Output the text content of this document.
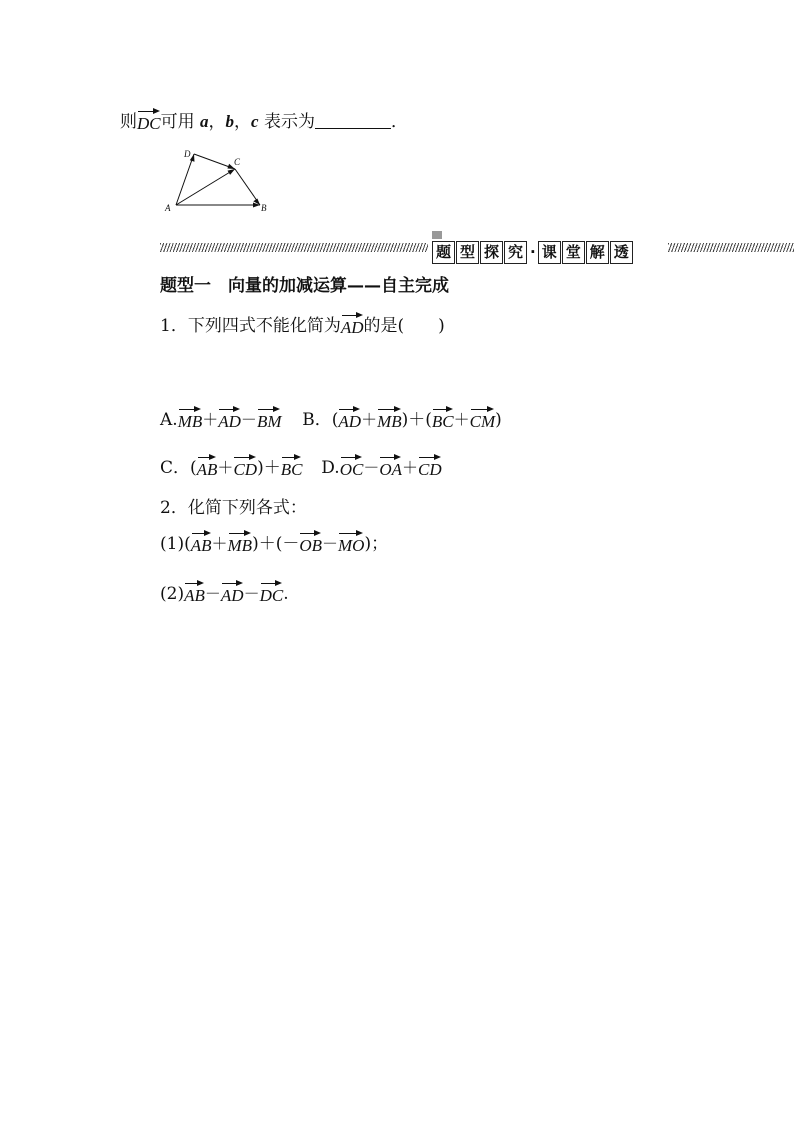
则DC可用 a，b，c 表示为	．
D
C
A	B
题 型 探 究 · 课 堂 解 透
题型一　向量的加减运算——自主完成
1．下列四式不能化简为AD的是(　　)
A.MB＋AD－BM B．(AD＋MB)＋(BC＋CM)
C．(AB＋CD)＋BC D.OC－OA＋CD
2．化简下列各式：
(1)(AB＋MB)＋(－OB－MO)；
(2)AB－AD－DC.
